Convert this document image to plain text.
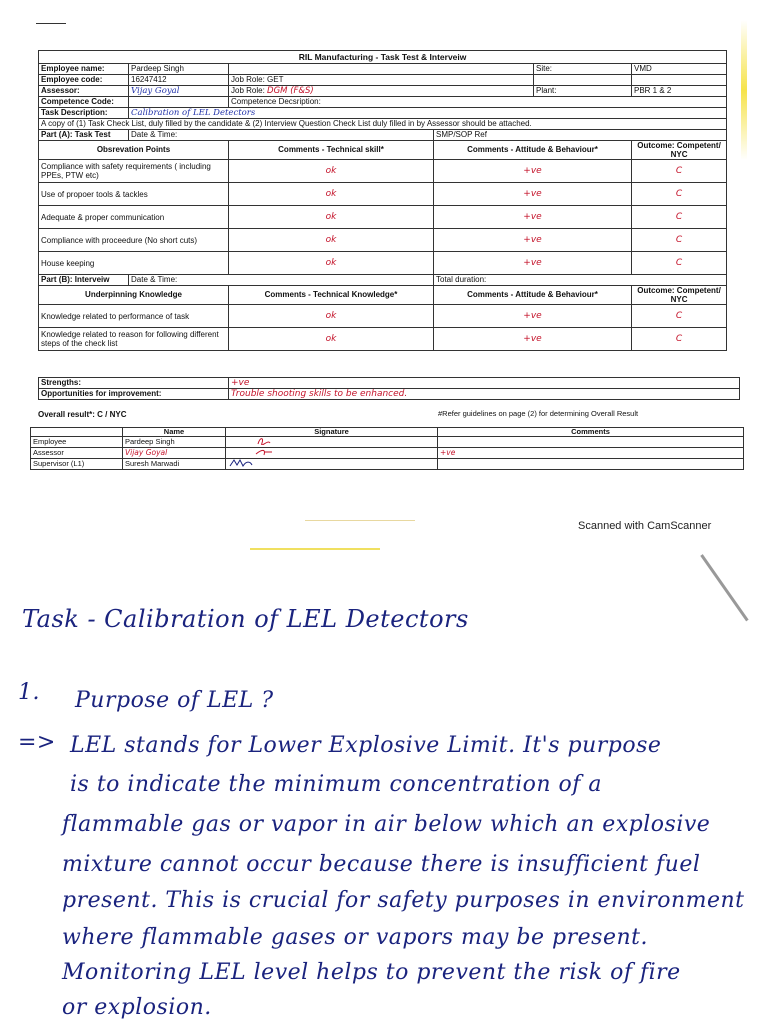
RIL Manufacturing - Task Test & Interveiw					
Employee name:	Pardeep Singh			Site:	VMD
Employee code:	16247412	Job Role: GET			
Assessor:	Vijay Goyal	Job Role: DGM (F&S)		Plant:	PBR 1 & 2
Competence Code:		Competence Decsription:			
Task Description:	Calibration of LEL Detectors				
A copy of (1) Task Check List, duly filled by the candidate & (2) Interview Question Check List duly filled in by Assessor should be attached.					
Part (A): Task Test	Date & Time:		SMP/SOP Ref		
Obsrevation Points		Comments - Technical skill*	Comments - Attitude & Behaviour*		Outcome: Competent/ NYC
Compliance with safety requirements ( including PPEs, PTW etc)		ok	+ve		C
Use of propoer tools & tackles		ok	+ve		C
Adequate & proper communication		ok	+ve		C
Compliance with proceedure (No short cuts)		ok	+ve		C
House keeping		ok	+ve		C
Part (B): Interveiw	Date & Time:		Total duration:		
Underpinning Knowledge		Comments - Technical Knowledge*	Comments - Attitude & Behaviour*		Outcome: Competent/ NYC
Knowledge related to performance of task		ok	+ve		C
Knowledge related to reason for following different steps of the check list		ok	+ve		C
Strengths:	+ve
Opportunities for improvement:	Trouble shooting skills to be enhanced.
Overall result*: C / NYC	#Refer guidelines on page (2) for determining Overall Result
	Name	Signature	Comments
Employee	Pardeep Singh		
Assessor	Vijay Goyal		+ve
Supervisor (L1)	Suresh Marwadi		
Scanned with CamScanner
Task - Calibration of LEL Detectors
1. Purpose of LEL ?
=> LEL stands for Lower Explosive Limit. It's purpose
is to indicate the minimum concentration of a
flammable gas or vapor in air below which an explosive
mixture cannot occur because there is insufficient fuel
present. This is crucial for safety purposes in environment
where flammable gases or vapors may be present.
Monitoring LEL level helps to prevent the risk of fire
or explosion.
